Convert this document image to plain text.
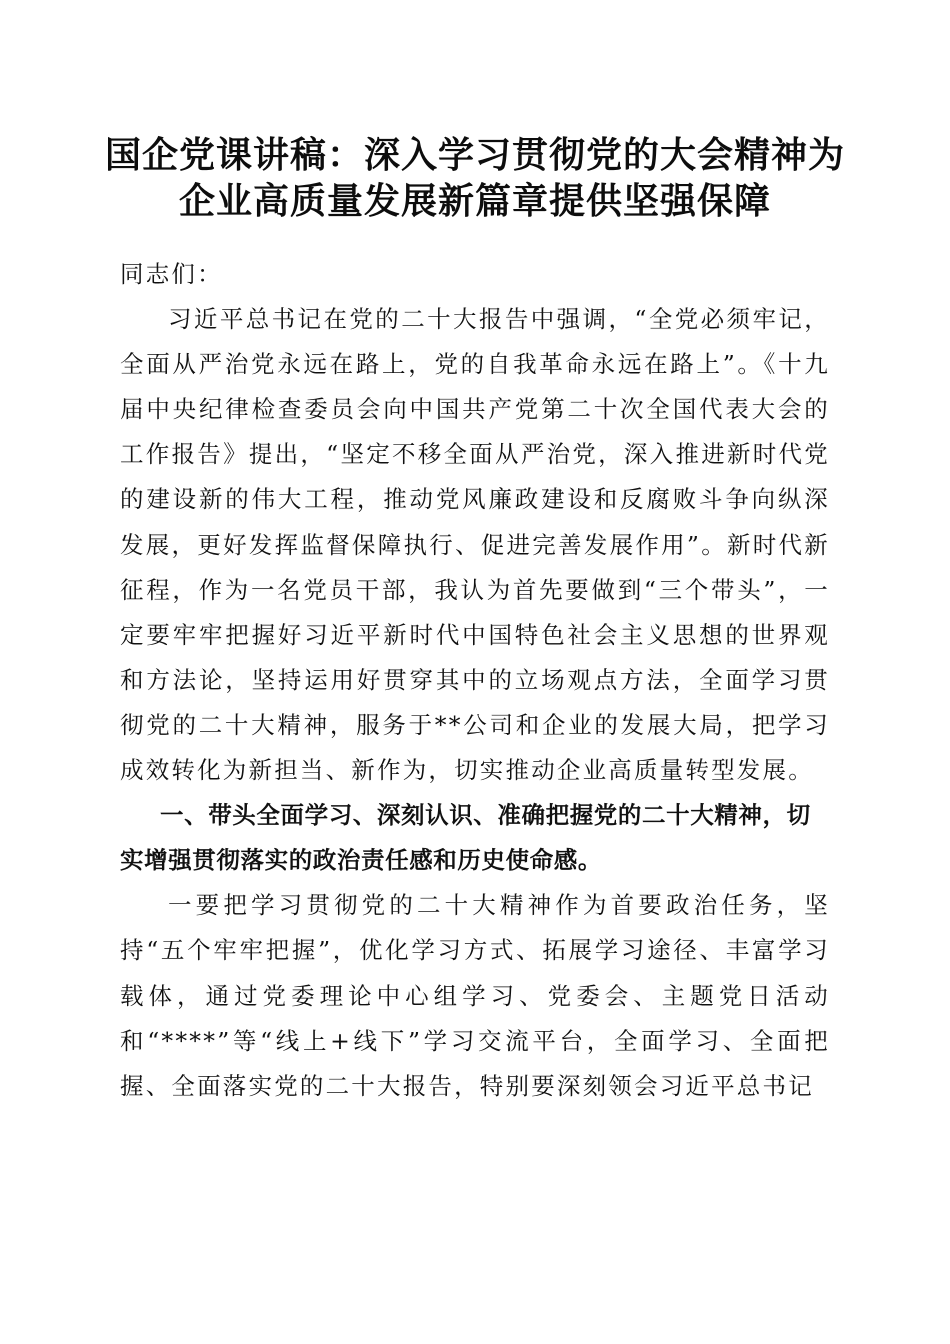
国企党课讲稿：深入学习贯彻党的大会精神为
企业高质量发展新篇章提供坚强保障

同志们：

习近平总书记在党的二十大报告中强调，“全党必须牢记，全面从严治党永远在路上，党的自我革命永远在路上”。《十九届中央纪律检查委员会向中国共产党第二十次全国代表大会的工作报告》提出，“坚定不移全面从严治党，深入推进新时代党的建设新的伟大工程，推动党风廉政建设和反腐败斗争向纵深发展，更好发挥监督保障执行、促进完善发展作用”。新时代新征程，作为一名党员干部，我认为首先要做到“三个带头”，一定要牢牢把握好习近平新时代中国特色社会主义思想的世界观和方法论，坚持运用好贯穿其中的立场观点方法，全面学习贯彻党的二十大精神，服务于**公司和企业的发展大局，把学习成效转化为新担当、新作为，切实推动企业高质量转型发展。

一、带头全面学习、深刻认识、准确把握党的二十大精神，切实增强贯彻落实的政治责任感和历史使命感。

一要把学习贯彻党的二十大精神作为首要政治任务，坚持“五个牢牢把握”，优化学习方式、拓展学习途径、丰富学习载体，通过党委理论中心组学习、党委会、主题党日活动和“****”等“线上+线下”学习交流平台，全面学习、全面把握、全面落实党的二十大报告，特别要深刻领会习近平总书记
